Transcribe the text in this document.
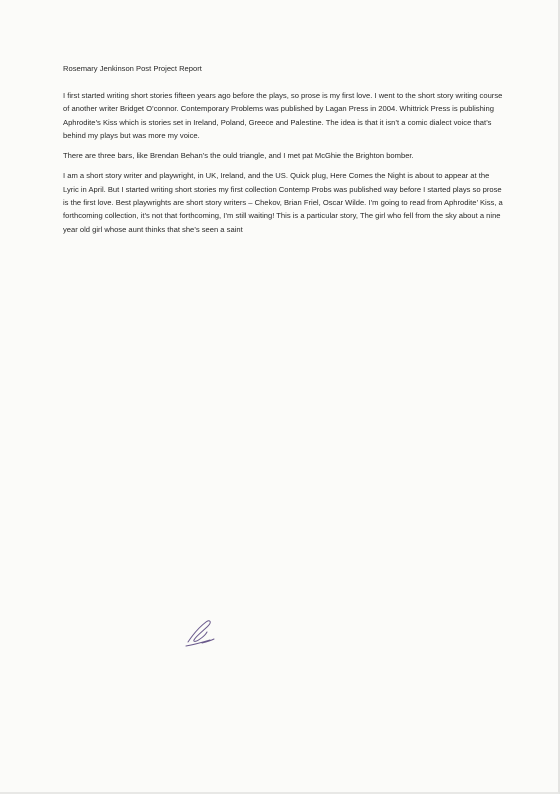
Rosemary Jenkinson Post Project Report

I first started writing short stories fifteen years ago before the plays, so prose is my first love. I went to the short story writing course of another writer Bridget O’connor. Contemporary Problems was published by Lagan Press in 2004. Whittrick Press is publishing Aphrodite’s Kiss which is stories set in Ireland, Poland, Greece and Palestine. The idea is that it isn’t a comic dialect voice that’s behind my plays but was more my voice.

There are three bars, like Brendan Behan’s the ould triangle, and I met pat McGhie the Brighton bomber.

I am a short story writer and playwright, in UK, Ireland, and the US. Quick plug, Here Comes the Night is about to appear at the Lyric in April. But I started writing short stories my first collection Contemp Probs was published way before I started plays so prose is the first love. Best playwrights are short story writers – Chekov, Brian Friel, Oscar Wilde. I’m going to read from Aphrodite’ Kiss, a forthcoming collection, it’s not that forthcoming, I’m still waiting! This is a particular story, The girl who fell from the sky about a nine year old girl whose aunt thinks that she’s seen a saint
